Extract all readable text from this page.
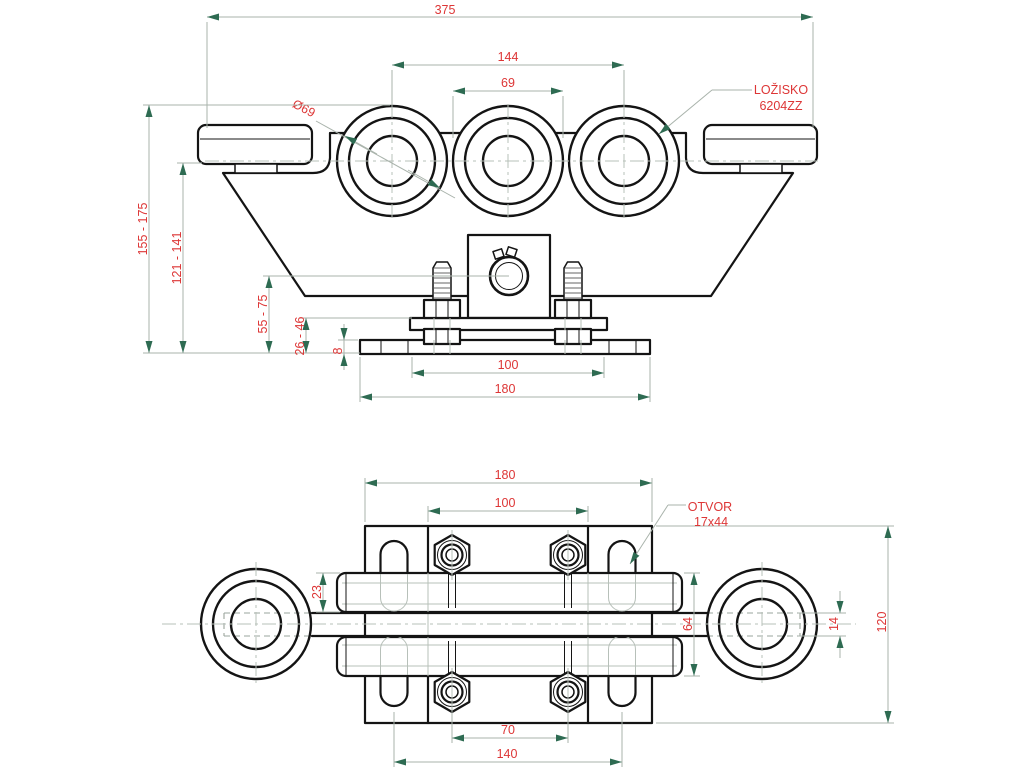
375
144
69
Ø69
155 - 175
121 - 141
55 - 75
26 - 46 8
100
180
LOŽISKO
6204ZZ
180
100
23
64	14	120
70
140
OTVOR
17x44
